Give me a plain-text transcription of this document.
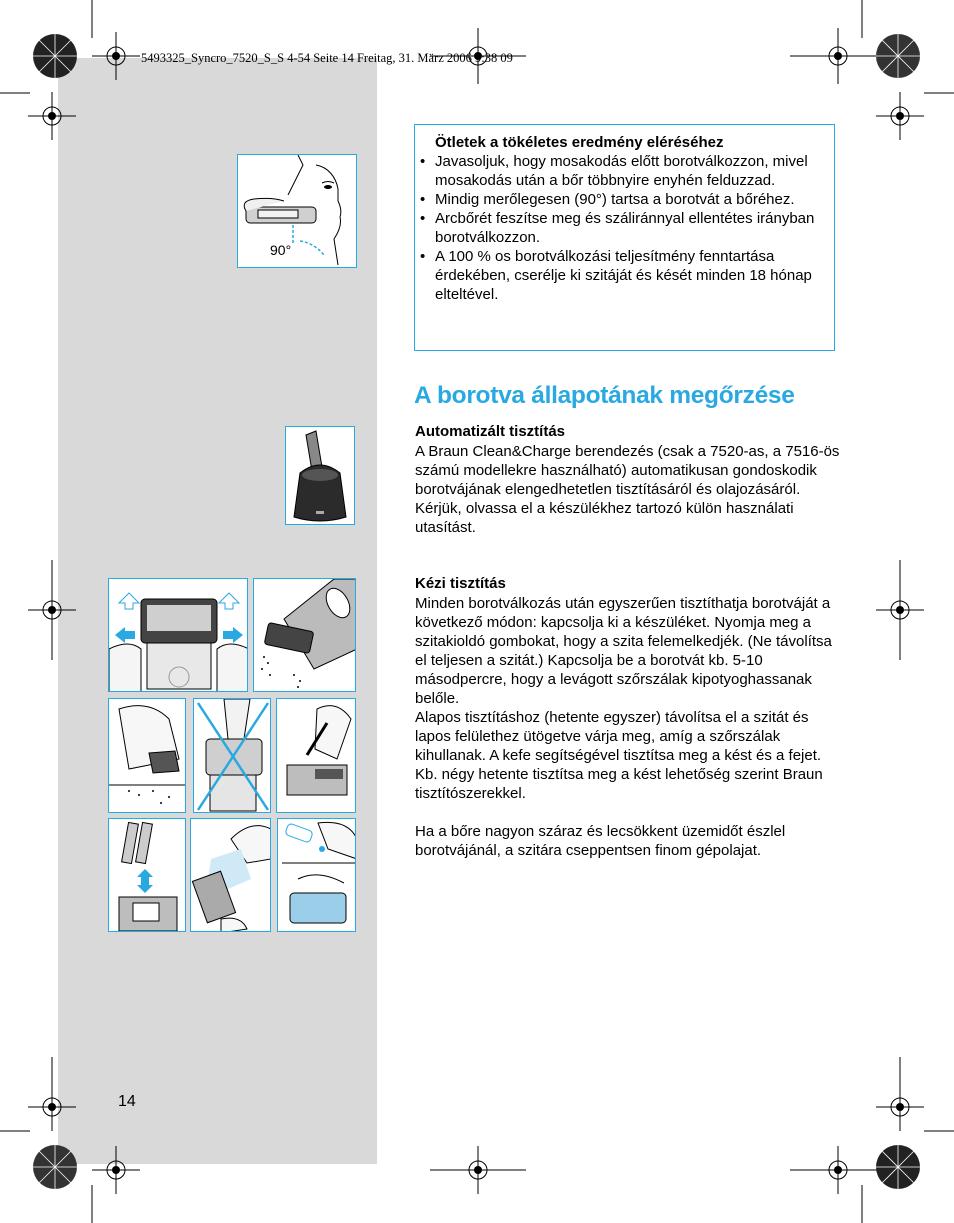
5493325_Syncro_7520_S_S 4-54 Seite 14 Freitag, 31. März 2006 9:38 09
90°
Ötletek a tökéletes eredmény eléréséhez
• Javasoljuk, hogy mosakodás előtt borotválkozzon, mivel mosakodás után a bőr többnyire enyhén felduzzad.
• Mindig merőlegesen (90°) tartsa a borotvát a bőréhez.
• Arcbőrét feszítse meg és száliránnyal ellentétes irányban borotválkozzon.
• A 100 % os borotválkozási teljesítmény fenntartása érdekében, cserélje ki szitáját és kését minden 18 hónap elteltével.
A borotva állapotának megőrzése
Automatizált tisztítás

A Braun Clean&Charge berendezés (csak a 7520-as, a 7516-ös számú modellekre használható) automatikusan gondoskodik borotvájának elengedhetetlen tisztításáról és olajozásáról. Kérjük, olvassa el a készülékhez tartozó külön használati utasítást.

Kézi tisztítás

Minden borotválkozás után egyszerűen tisztíthatja borotváját a következő módon: kapcsolja ki a készüléket. Nyomja meg a szitakioldó gombokat, hogy a szita felemelkedjék. (Ne távolítsa el teljesen a szitát.) Kapcsolja be a borotvát kb. 5-10 másodpercre, hogy a levágott szőrszálak kipotyoghassanak belőle.

Alapos tisztításhoz (hetente egyszer) távolítsa el a szitát és lapos felülethez ütögetve várja meg, amíg a szőrszálak kihullanak. A kefe segítségével tisztítsa meg a kést és a fejet. Kb. négy hetente tisztítsa meg a kést lehetőség szerint Braun tisztítószerekkel.

Ha a bőre nagyon száraz és lecsökkent üzemidőt észlel borotvájánál, a szitára cseppentsen finom gépolajat.

14
